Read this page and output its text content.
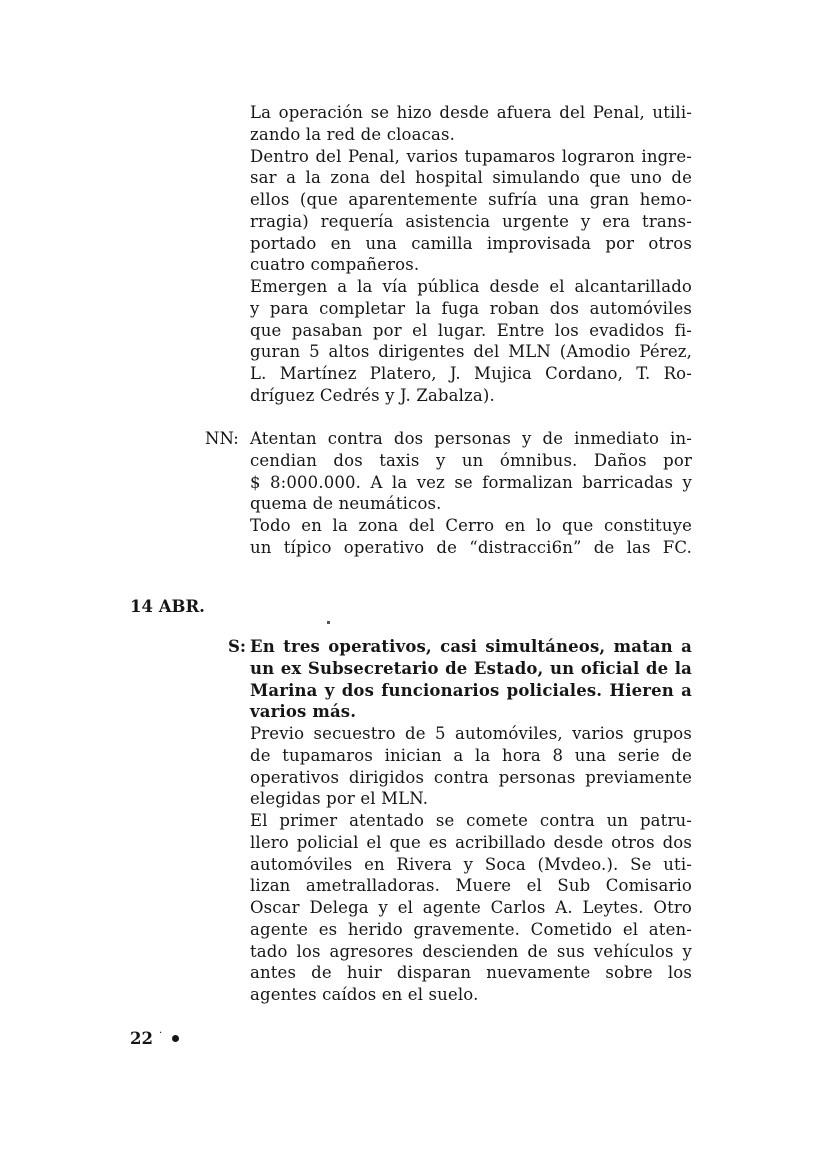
La operación se hizo desde afuera del Penal, utili-
zando la red de cloacas.
Dentro del Penal, varios tupamaros lograron ingre-
sar a la zona del hospital simulando que uno de
ellos (que aparentemente sufría una gran hemo-
rragia) requería asistencia urgente y era trans-
portado en una camilla improvisada por otros
cuatro compañeros.
Emergen a la vía pública desde el alcantarillado
y para completar la fuga roban dos automóviles
que pasaban por el lugar. Entre los evadidos fi-
guran 5 altos dirigentes del MLN (Amodio Pérez,
L. Martínez Platero, J. Mujica Cordano, T. Ro-
dríguez Cedrés y J. Zabalza).
NN: Atentan contra dos personas y de inmediato in-
cendian dos taxis y un ómnibus. Daños por
$ 8:000.000. A la vez se formalizan barricadas y
quema de neumáticos.
Todo en la zona del Cerro en lo que constituye
un típico operativo de “distracci6n” de las FC.
14 ABR.
S: En tres operativos, casi simultáneos, matan a
un ex Subsecretario de Estado, un oficial de la
Marina y dos funcionarios policiales. Hieren a
varios más.
Previo secuestro de 5 automóviles, varios grupos
de tupamaros inician a la hora 8 una serie de
operativos dirigidos contra personas previamente
elegidas por el MLN.
El primer atentado se comete contra un patru-
llero policial el que es acribillado desde otros dos
automóviles en Rivera y Soca (Mvdeo.). Se uti-
lizan ametralladoras. Muere el Sub Comisario
Oscar Delega y el agente Carlos A. Leytes. Otro
agente es herido gravemente. Cometido el aten-
tado los agresores descienden de sus vehículos y
antes de huir disparan nuevamente sobre los
agentes caídos en el suelo.
22 ·
